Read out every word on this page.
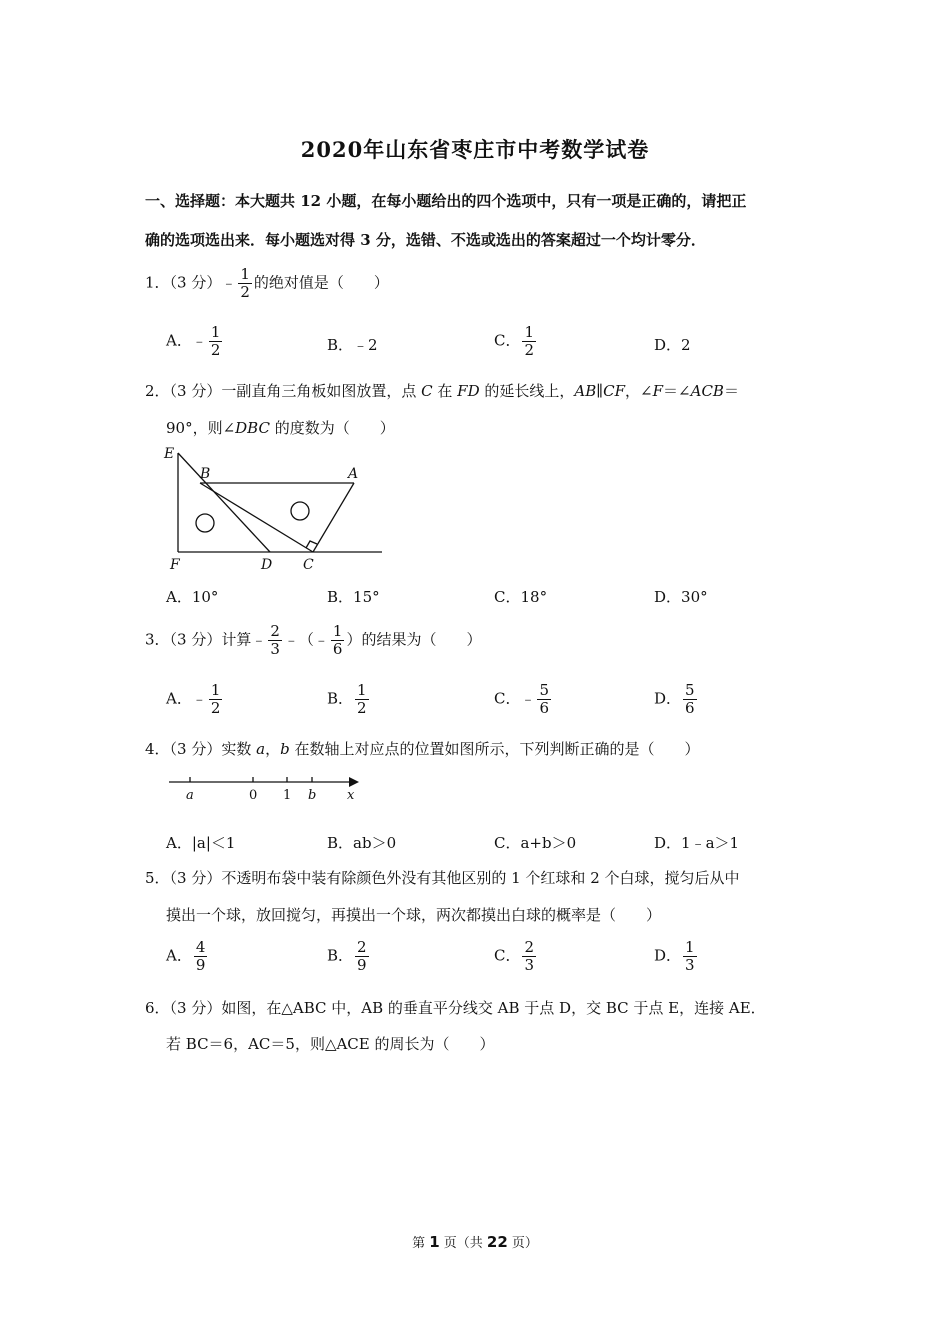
2020年山东省枣庄市中考数学试卷
一、选择题：本大题共 12 小题，在每小题给出的四个选项中，只有一项是正确的，请把正
确的选项选出来．每小题选对得 3 分，选错、不选或选出的答案超过一个均计零分．
1．（3 分）﹣ $\frac{1}{2}$ 的绝对值是（　　）
A．﹣ $\frac{1}{2}$	B．﹣2	C． $\frac{1}{2}$	D．2
2．（3 分）一副直角三角板如图放置，点 C 在 FD 的延长线上，AB∥CF，∠F＝∠ACB＝
90°，则∠DBC 的度数为（　　）
E
B	A
F	D C
A．10°	B．15°	C．18°	D．30°
3．（3 分）计算﹣ $\frac{2}{3}$ ﹣（﹣ $\frac{1}{6}$ ）的结果为（　　）
A．﹣ $\frac{1}{2}$	B． $\frac{1}{2}$	C．﹣ $\frac{5}{6}$	D． $\frac{5}{6}$
4．（3 分）实数 a，b 在数轴上对应点的位置如图所示，下列判断正确的是（　　）
a	0 1 b x
A．|a|＜1	B．ab＞0	C．a+b＞0	D．1﹣a＞1
5．（3 分）不透明布袋中装有除颜色外没有其他区别的 1 个红球和 2 个白球，搅匀后从中
摸出一个球，放回搅匀，再摸出一个球，两次都摸出白球的概率是（　　）
A． $\frac{4}{9}$	B． $\frac{2}{9}$	C． $\frac{2}{3}$	D． $\frac{1}{3}$
6．（3 分）如图，在△ABC 中，AB 的垂直平分线交 AB 于点 D，交 BC 于点 E，连接 AE．
若 BC＝6，AC＝5，则△ACE 的周长为（　　）
第 1 页（共 22 页）
